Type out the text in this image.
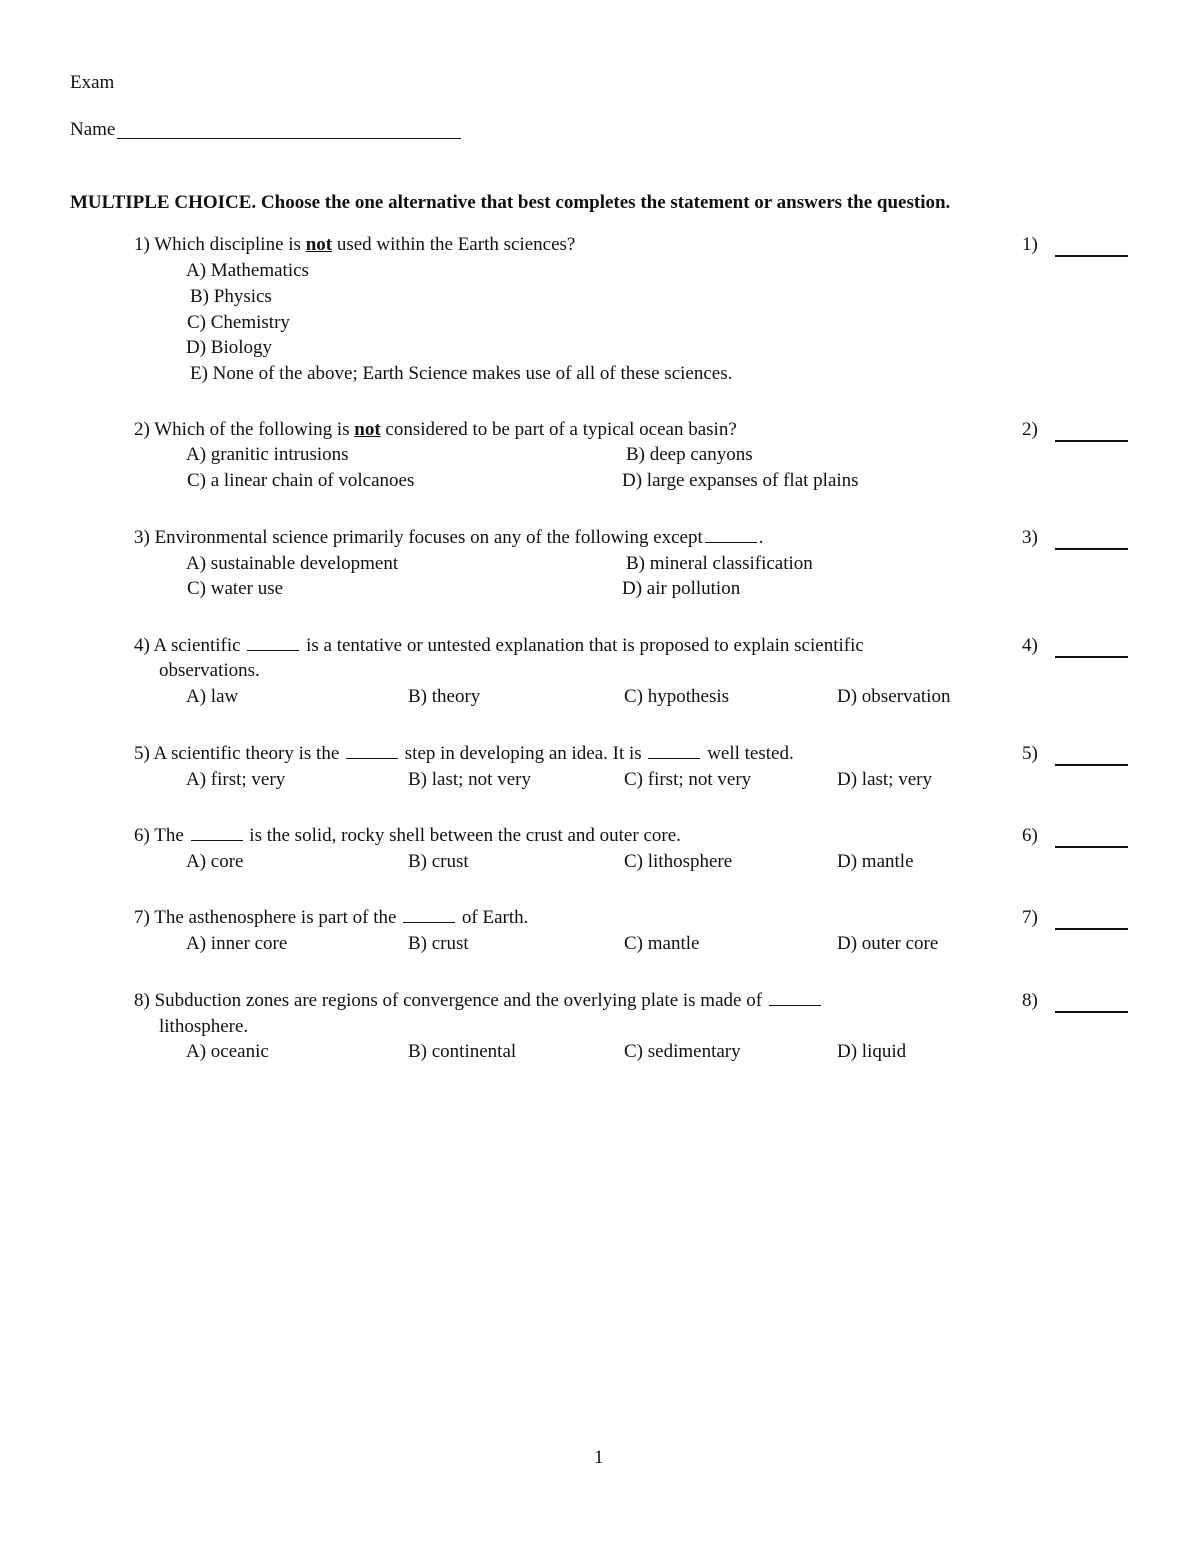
Exam
Name
MULTIPLE CHOICE. Choose the one alternative that best completes the statement or answers the question.
1) Which discipline is not used within the Earth sciences?
A) Mathematics
B) Physics
C) Chemistry
D) Biology
E) None of the above; Earth Science makes use of all of these sciences.
1)
2) Which of the following is not considered to be part of a typical ocean basin?
A) granitic intrusions	B) deep canyons
C) a linear chain of volcanoes	D) large expanses of flat plains
2)
3) Environmental science primarily focuses on any of the following except	.
A) sustainable development	B) mineral classification
C) water use	D) air pollution
3)
4) A scientific	is a tentative or untested explanation that is proposed to explain scientific
observations.
A) law	B) theory	C) hypothesis	D) observation
4)
5) A scientific theory is the	step in developing an idea. It is	well tested.
A) first; very	B) last; not very	C) first; not very	D) last; very
5)
6) The	is the solid, rocky shell between the crust and outer core.
A) core	B) crust	C) lithosphere	D) mantle
6)
7) The asthenosphere is part of the	of Earth.
A) inner core	B) crust	C) mantle	D) outer core
7)
8) Subduction zones are regions of convergence and the overlying plate is made of
lithosphere.
A) oceanic	B) continental	C) sedimentary	D) liquid
8)
1
